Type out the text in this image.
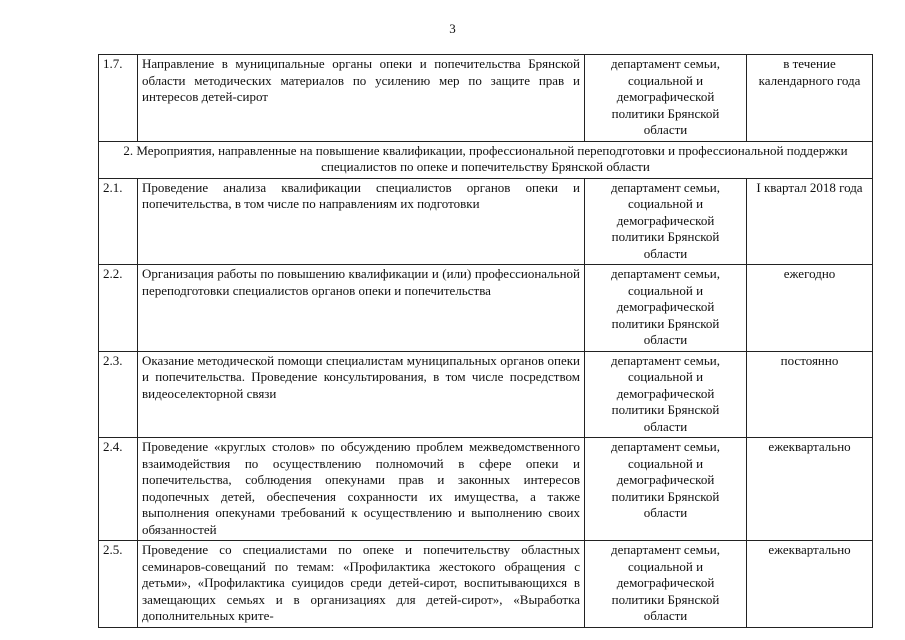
3
1.7.	Направление в муниципальные органы опеки и попечительства Брянской области методических материалов по усилению мер по защите прав и интересов детей-сирот	департамент семьи, социальной и демографической политики Брянской области	в течение календарного года
2. Мероприятия, направленные на повышение квалификации, профессиональной переподготовки и профессиональной поддержки специалистов по опеке и попечительству Брянской области			
2.1.	Проведение анализа квалификации специалистов органов опеки и попечительства, в том числе по направлениям их подготовки	департамент семьи, социальной и демографической политики Брянской области	I квартал 2018 года
2.2.	Организация работы по повышению квалификации и (или) профессиональной переподготовки специалистов органов опеки и попечительства	департамент семьи, социальной и демографической политики Брянской области	ежегодно
2.3.	Оказание методической помощи специалистам муниципальных органов опеки и попечительства. Проведение консультирования, в том числе посредством видеоселекторной связи	департамент семьи, социальной и демографической политики Брянской области	постоянно
2.4.	Проведение «круглых столов» по обсуждению проблем межведомственного взаимодействия по осуществлению полномочий в сфере опеки и попечительства, соблюдения опекунами прав и законных интересов подопечных детей, обеспечения сохранности их имущества, а также выполнения опекунами требований к осуществлению и выполнению своих обязанностей	департамент семьи, социальной и демографической политики Брянской области	ежеквартально
2.5.	Проведение со специалистами по опеке и попечительству областных семинаров-совещаний по темам: «Профилактика жестокого обращения с детьми», «Профилактика суицидов среди детей-сирот, воспитывающихся в замещающих семьях и в организациях для детей-сирот», «Выработка дополнительных крите-	департамент семьи, социальной и демографической политики Брянской области	ежеквартально
